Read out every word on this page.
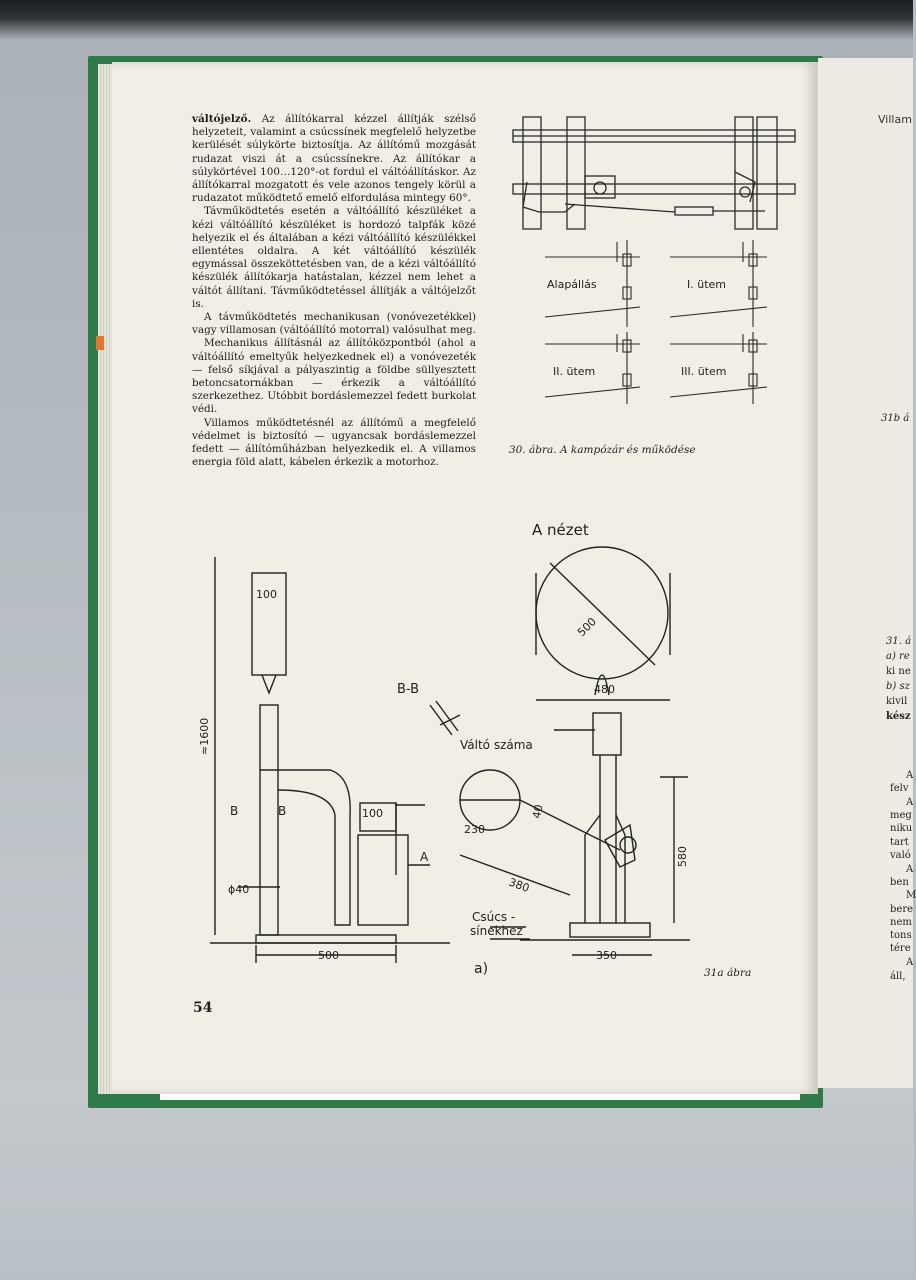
váltójelző. Az állítókarral kézzel állítják szélső helyzeteit, valamint a csúcssínek megfelelő helyzetbe kerülését súlykörte biztosítja. Az állítómű mozgását rudazat viszi át a csúcssínekre. Az állítókar a súlykörtével 100…120°-ot fordul el váltóállításkor. Az állítókarral mozgatott és vele azonos tengely körül a rudazatot működtető emelő elfordulása mintegy 60°.

Távműködtetés esetén a váltóállító készüléket a kézi váltóállító készüléket is hordozó talpfák közé helyezik el és általában a kézi váltóállító készülékkel ellentétes oldalra. A két váltóállító készülék egymással összeköttetésben van, de a kézi váltóállító készülék állítókarja hatástalan, kézzel nem lehet a váltót állítani. Távműködtetéssel állítják a váltójelzőt is.

A távműködtetés mechanikusan (vonóvezetékkel) vagy villamosan (váltóállító motorral) valósulhat meg.

Mechanikus állításnál az állítóközpontból (ahol a váltóállító emeltyűk helyezkednek el) a vonóvezeték — felső síkjával a pályaszintig a földbe süllyesztett betoncsatornákban — érkezik a váltóállító szerkezethez. Utóbbit bordáslemezzel fedett burkolat védi.

Villamos működtetésnél az állítómű a megfelelő védelmet is biztosító — ugyancsak bordáslemezzel fedett — állítóműházban helyezkedik el. A villamos energia föld alatt, kábelen érkezik a motorhoz.

Alapállás	I. ütem
II. ütem	III. ütem
30. ábra. A kampózár és működése
100
≈1600
B	B	100
ϕ40
500
A
B-B
Váltó száma
A nézet
500
480
230
40
380
580
350
Csúcs -
sínekhez
a)	31a ábra
54
Villam
31b á
31. á
a) re
ki ne
b) sz
kivil
kész
A
felv
A
meg
niku
tart
való
A
ben
M
bere
nem
tons
tére
A
áll,
